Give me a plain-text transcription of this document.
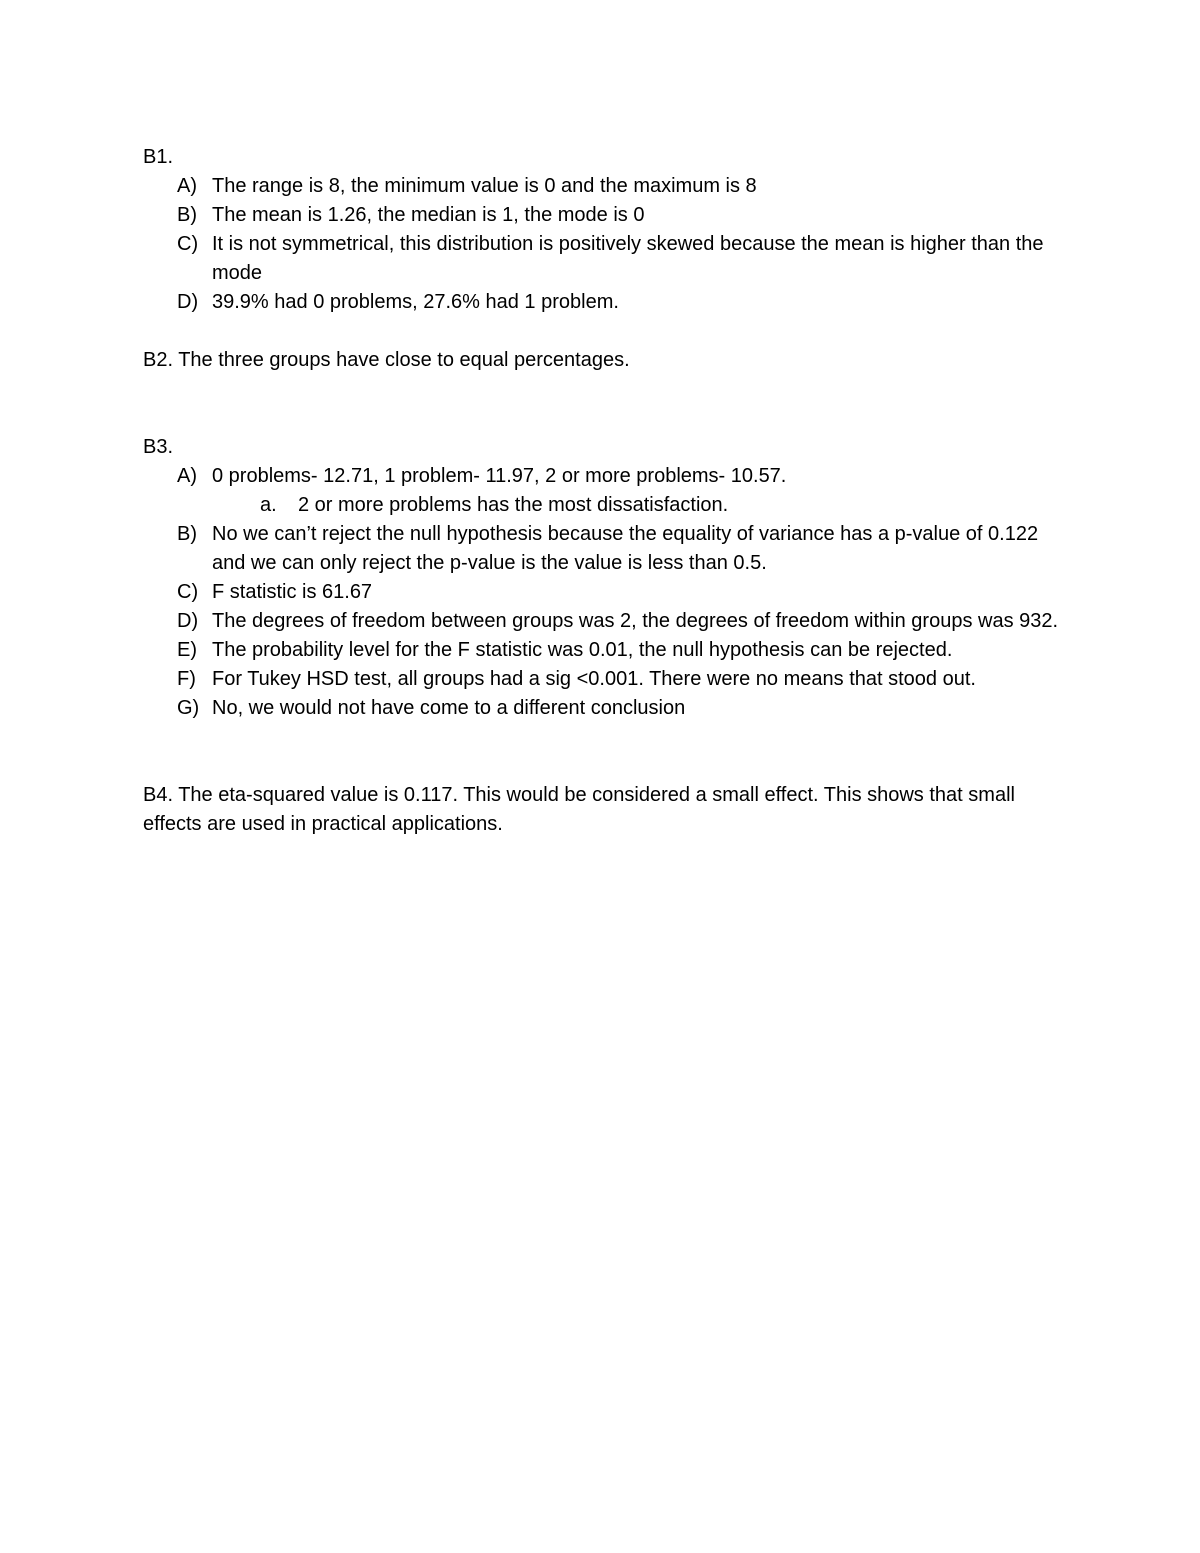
B1.

A) The range is 8, the minimum value is 0 and the maximum is 8
B) The mean is 1.26, the median is 1, the mode is 0
C) It is not symmetrical, this distribution is positively skewed because the mean is higher than the mode
D) 39.9% had 0 problems, 27.6% had 1 problem.

B2. The three groups have close to equal percentages.

B3.

A) 0 problems- 12.71, 1 problem- 11.97, 2 or more problems- 10.57.
a. 2 or more problems has the most dissatisfaction.
B) No we can’t reject the null hypothesis because the equality of variance has a p-value of 0.122 and we can only reject the p-value is the value is less than 0.5.
C) F statistic is 61.67
D) The degrees of freedom between groups was 2, the degrees of freedom within groups was 932.
E) The probability level for the F statistic was 0.01, the null hypothesis can be rejected.
F) For Tukey HSD test, all groups had a sig <0.001. There were no means that stood out.
G) No, we would not have come to a different conclusion

B4. The eta-squared value is 0.117. This would be considered a small effect. This shows that small effects are used in practical applications.
